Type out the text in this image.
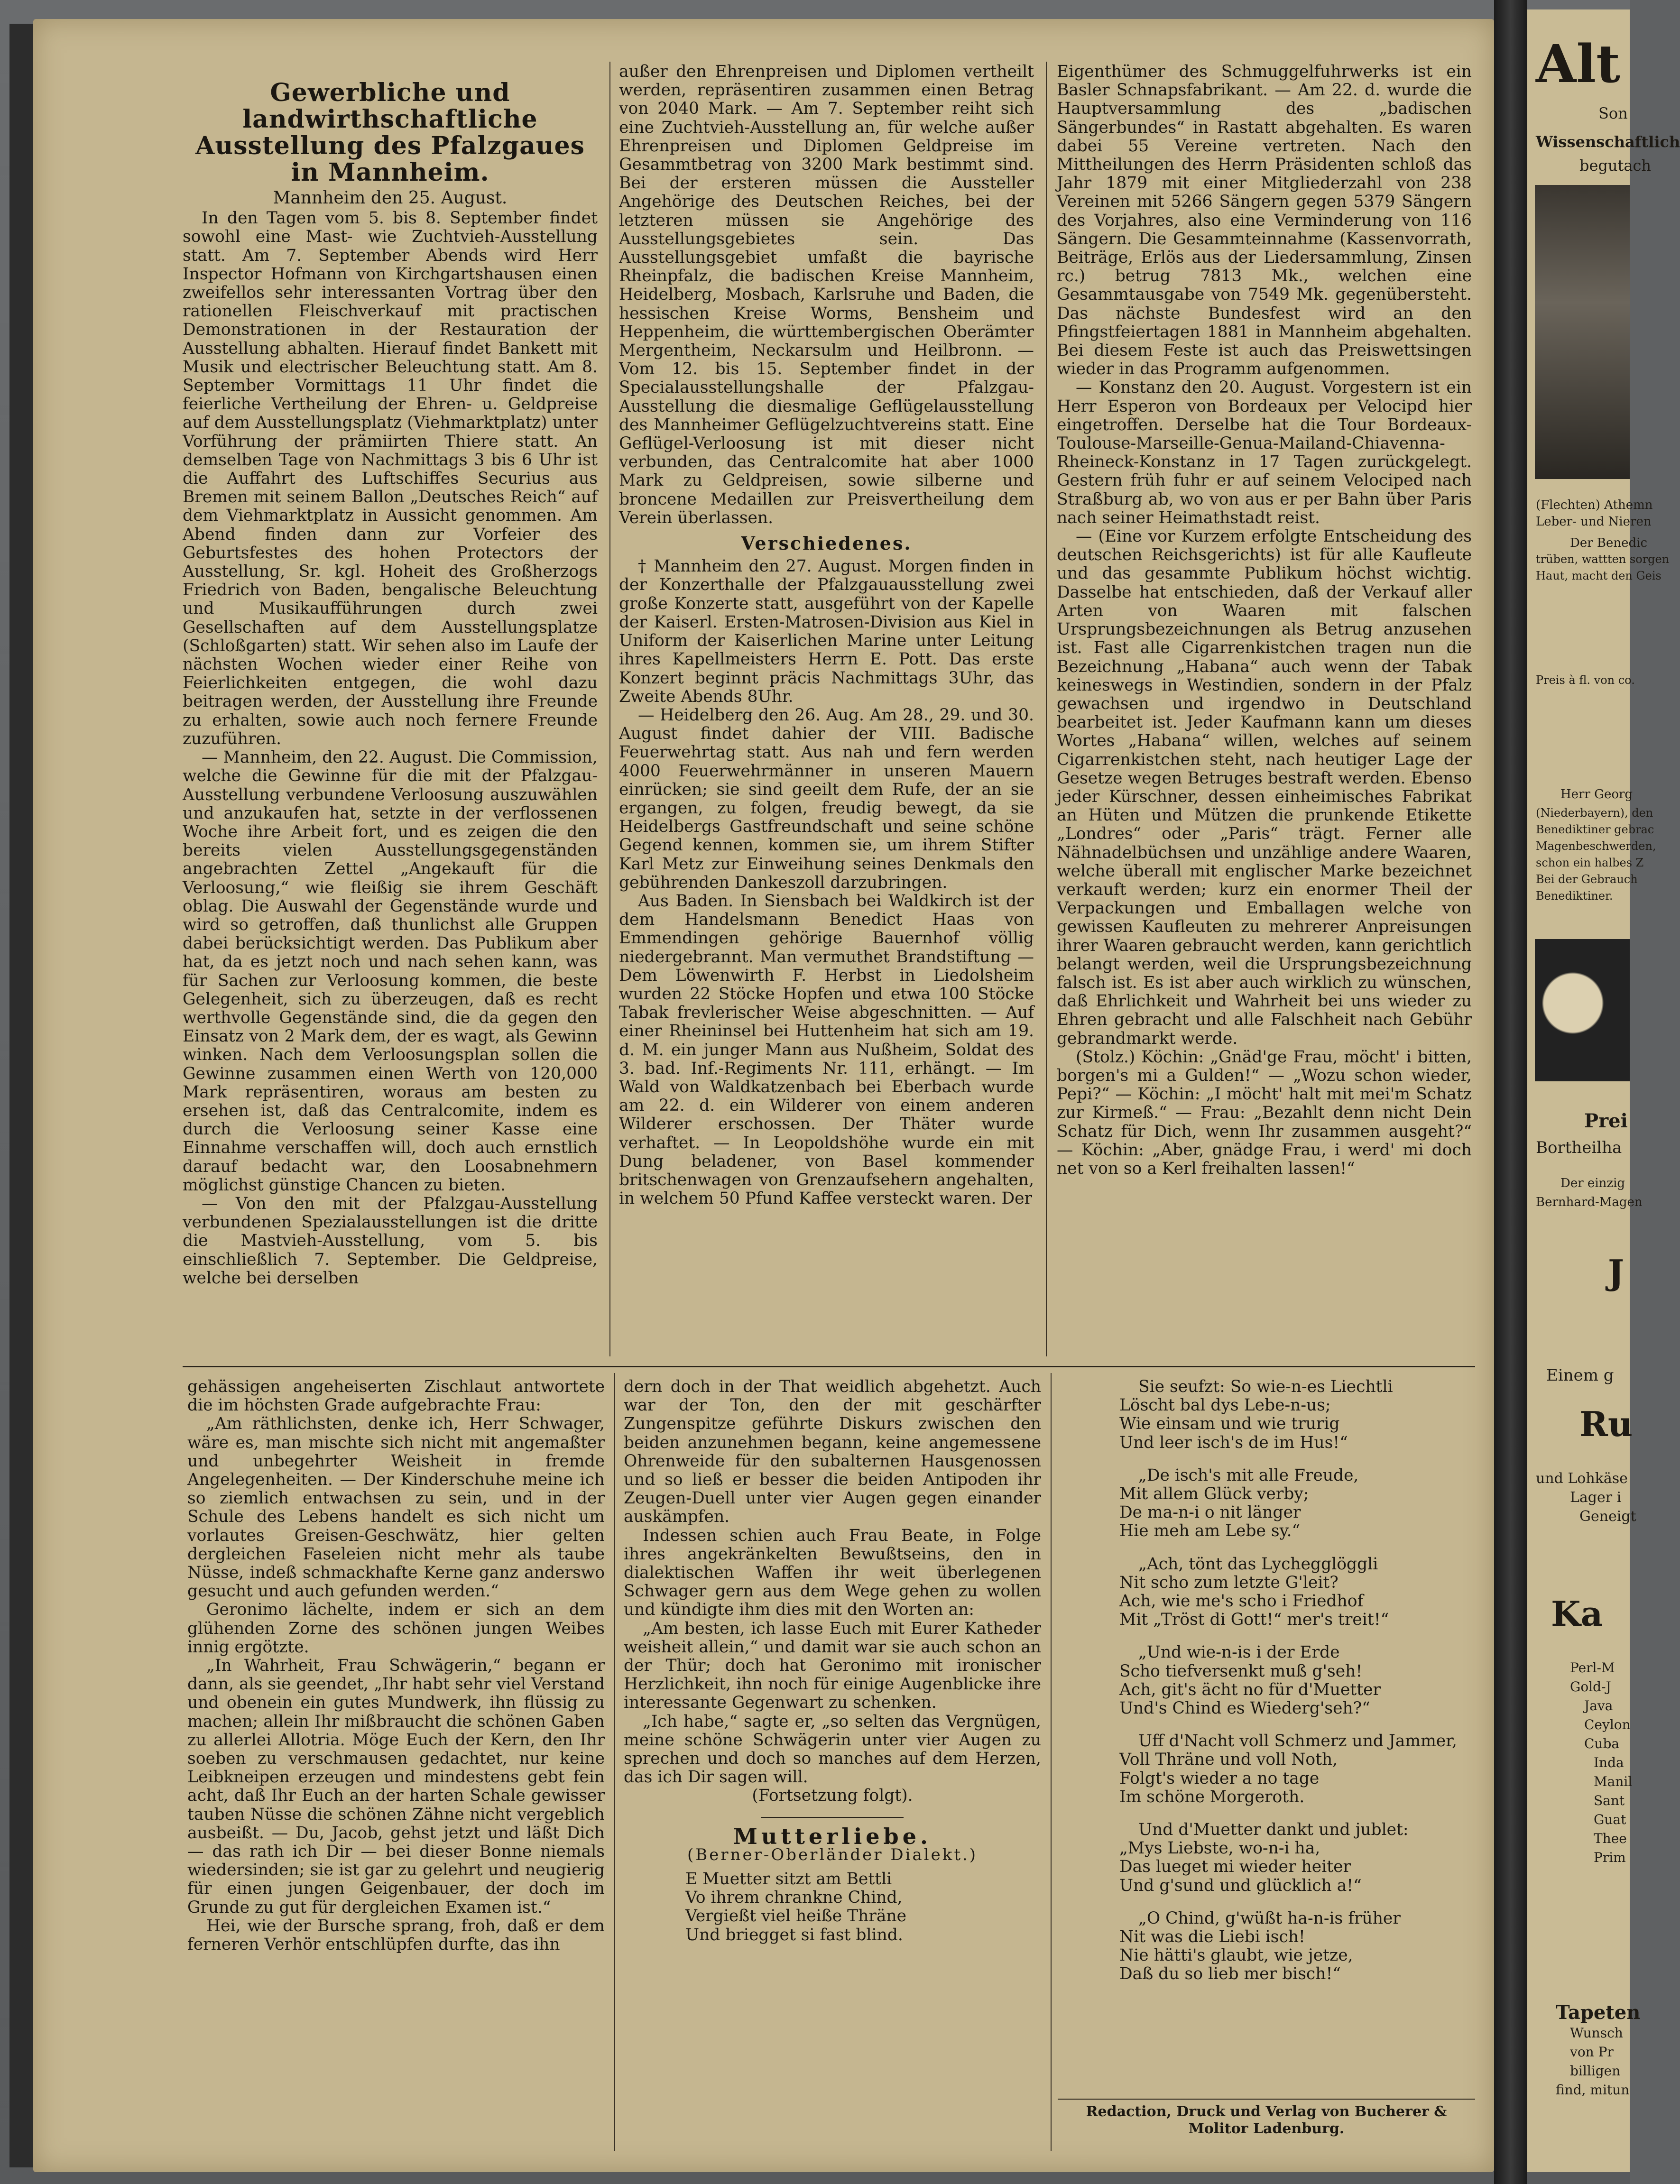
Gewerbliche und landwirthschaftliche Ausstellung des Pfalzgaues in Mannheim.
Mannheim den 25. August.

In den Tagen vom 5. bis 8. September findet sowohl eine Mast- wie Zuchtvieh-Ausstellung statt. Am 7. September Abends wird Herr Inspector Hofmann von Kirchgartshausen einen zweifellos sehr interessanten Vortrag über den rationellen Fleischverkauf mit practischen Demonstrationen in der Restauration der Ausstellung abhalten. Hierauf findet Bankett mit Musik und electrischer Beleuchtung statt. Am 8. September Vormittags 11 Uhr findet die feierliche Vertheilung der Ehren- u. Geldpreise auf dem Ausstellungsplatz (Viehmarktplatz) unter Vorführung der prämiirten Thiere statt. An demselben Tage von Nachmittags 3 bis 6 Uhr ist die Auffahrt des Luftschiffes Securius aus Bremen mit seinem Ballon „Deutsches Reich“ auf dem Viehmarktplatz in Aussicht genommen. Am Abend finden dann zur Vorfeier des Geburtsfestes des hohen Protectors der Ausstellung, Sr. kgl. Hoheit des Großherzogs Friedrich von Baden, bengalische Beleuchtung und Musikaufführungen durch zwei Gesellschaften auf dem Ausstellungsplatze (Schloßgarten) statt. Wir sehen also im Laufe der nächsten Wochen wieder einer Reihe von Feierlichkeiten entgegen, die wohl dazu beitragen werden, der Ausstellung ihre Freunde zu erhalten, sowie auch noch fernere Freunde zuzuführen.

— Mannheim, den 22. August. Die Commission, welche die Gewinne für die mit der Pfalzgau-Ausstellung verbundene Verloosung auszuwählen und anzukaufen hat, setzte in der verflossenen Woche ihre Arbeit fort, und es zeigen die den bereits vielen Ausstellungsgegenständen angebrachten Zettel „Angekauft für die Verloosung,“ wie fleißig sie ihrem Geschäft oblag. Die Auswahl der Gegenstände wurde und wird so getroffen, daß thunlichst alle Gruppen dabei berücksichtigt werden. Das Publikum aber hat, da es jetzt noch und nach sehen kann, was für Sachen zur Verloosung kommen, die beste Gelegenheit, sich zu überzeugen, daß es recht werthvolle Gegenstände sind, die da gegen den Einsatz von 2 Mark dem, der es wagt, als Gewinn winken. Nach dem Verloosungsplan sollen die Gewinne zusammen einen Werth von 120,000 Mark repräsentiren, woraus am besten zu ersehen ist, daß das Centralcomite, indem es durch die Verloosung seiner Kasse eine Einnahme verschaffen will, doch auch ernstlich darauf bedacht war, den Loosabnehmern möglichst günstige Chancen zu bieten.

— Von den mit der Pfalzgau-Ausstellung verbundenen Spezialausstellungen ist die dritte die Mastvieh-Ausstellung, vom 5. bis einschließlich 7. September. Die Geldpreise, welche bei derselben

außer den Ehrenpreisen und Diplomen vertheilt werden, repräsentiren zusammen einen Betrag von 2040 Mark. — Am 7. September reiht sich eine Zuchtvieh-Ausstellung an, für welche außer Ehrenpreisen und Diplomen Geldpreise im Gesammtbetrag von 3200 Mark bestimmt sind. Bei der ersteren müssen die Aussteller Angehörige des Deutschen Reiches, bei der letzteren müssen sie Angehörige des Ausstellungsgebietes sein. Das Ausstellungsgebiet umfaßt die bayrische Rheinpfalz, die badischen Kreise Mannheim, Heidelberg, Mosbach, Karlsruhe und Baden, die hessischen Kreise Worms, Bensheim und Heppenheim, die württembergischen Oberämter Mergentheim, Neckarsulm und Heilbronn. — Vom 12. bis 15. September findet in der Specialausstellungshalle der Pfalzgau-Ausstellung die diesmalige Geflügelausstellung des Mannheimer Geflügelzuchtvereins statt. Eine Geflügel-Verloosung ist mit dieser nicht verbunden, das Centralcomite hat aber 1000 Mark zu Geldpreisen, sowie silberne und broncene Medaillen zur Preisvertheilung dem Verein überlassen.

Verschiedenes.

† Mannheim den 27. August. Morgen finden in der Konzerthalle der Pfalzgauausstellung zwei große Konzerte statt, ausgeführt von der Kapelle der Kaiserl. Ersten-Matrosen-Division aus Kiel in Uniform der Kaiserlichen Marine unter Leitung ihres Kapellmeisters Herrn E. Pott. Das erste Konzert beginnt präcis Nachmittags 3Uhr, das Zweite Abends 8Uhr.

— Heidelberg den 26. Aug. Am 28., 29. und 30. August findet dahier der VIII. Badische Feuerwehrtag statt. Aus nah und fern werden 4000 Feuerwehrmänner in unseren Mauern einrücken; sie sind geeilt dem Rufe, der an sie ergangen, zu folgen, freudig bewegt, da sie Heidelbergs Gastfreundschaft und seine schöne Gegend kennen, kommen sie, um ihrem Stifter Karl Metz zur Einweihung seines Denkmals den gebührenden Dankeszoll darzubringen.

Aus Baden. In Siensbach bei Waldkirch ist der dem Handelsmann Benedict Haas von Emmendingen gehörige Bauernhof völlig niedergebrannt. Man vermuthet Brandstiftung — Dem Löwenwirth F. Herbst in Liedolsheim wurden 22 Stöcke Hopfen und etwa 100 Stöcke Tabak frevlerischer Weise abgeschnitten. — Auf einer Rheininsel bei Huttenheim hat sich am 19. d. M. ein junger Mann aus Nußheim, Soldat des 3. bad. Inf.-Regiments Nr. 111, erhängt. — Im Wald von Waldkatzenbach bei Eberbach wurde am 22. d. ein Wilderer von einem anderen Wilderer erschossen. Der Thäter wurde verhaftet. — In Leopoldshöhe wurde ein mit Dung beladener, von Basel kommender britschenwagen von Grenzaufsehern angehalten, in welchem 50 Pfund Kaffee versteckt waren. Der

Eigenthümer des Schmuggelfuhrwerks ist ein Basler Schnapsfabrikant. — Am 22. d. wurde die Hauptversammlung des „badischen Sängerbundes“ in Rastatt abgehalten. Es waren dabei 55 Vereine vertreten. Nach den Mittheilungen des Herrn Präsidenten schloß das Jahr 1879 mit einer Mitgliederzahl von 238 Vereinen mit 5266 Sängern gegen 5379 Sängern des Vorjahres, also eine Verminderung von 116 Sängern. Die Gesammteinnahme (Kassenvorrath, Beiträge, Erlös aus der Liedersammlung, Zinsen rc.) betrug 7813 Mk., welchen eine Gesammtausgabe von 7549 Mk. gegenübersteht. Das nächste Bundesfest wird an den Pfingstfeiertagen 1881 in Mannheim abgehalten. Bei diesem Feste ist auch das Preiswettsingen wieder in das Programm aufgenommen.

— Konstanz den 20. August. Vorgestern ist ein Herr Esperon von Bordeaux per Velocipd hier eingetroffen. Derselbe hat die Tour Bordeaux-Toulouse-Marseille-Genua-Mailand-Chiavenna-Rheineck-Konstanz in 17 Tagen zurückgelegt. Gestern früh fuhr er auf seinem Velociped nach Straßburg ab, wo von aus er per Bahn über Paris nach seiner Heimathstadt reist.

— (Eine vor Kurzem erfolgte Entscheidung des deutschen Reichsgerichts) ist für alle Kaufleute und das gesammte Publikum höchst wichtig. Dasselbe hat entschieden, daß der Verkauf aller Arten von Waaren mit falschen Ursprungsbezeichnungen als Betrug anzusehen ist. Fast alle Cigarrenkistchen tragen nun die Bezeichnung „Habana“ auch wenn der Tabak keineswegs in Westindien, sondern in der Pfalz gewachsen und irgendwo in Deutschland bearbeitet ist. Jeder Kaufmann kann um dieses Wortes „Habana“ willen, welches auf seinem Cigarrenkistchen steht, nach heutiger Lage der Gesetze wegen Betruges bestraft werden. Ebenso jeder Kürschner, dessen einheimisches Fabrikat an Hüten und Mützen die prunkende Etikette „Londres“ oder „Paris“ trägt. Ferner alle Nähnadelbüchsen und unzählige andere Waaren, welche überall mit englischer Marke bezeichnet verkauft werden; kurz ein enormer Theil der Verpackungen und Emballagen welche von gewissen Kaufleuten zu mehrerer Anpreisungen ihrer Waaren gebraucht werden, kann gerichtlich belangt werden, weil die Ursprungsbezeichnung falsch ist. Es ist aber auch wirklich zu wünschen, daß Ehrlichkeit und Wahrheit bei uns wieder zu Ehren gebracht und alle Falschheit nach Gebühr gebrandmarkt werde.

(Stolz.) Köchin: „Gnäd'ge Frau, möcht' i bitten, borgen's mi a Gulden!“ — „Wozu schon wieder, Pepi?“ — Köchin: „I möcht' halt mit mei'm Schatz zur Kirmeß.“ — Frau: „Bezahlt denn nicht Dein Schatz für Dich, wenn Ihr zusammen ausgeht?“ — Köchin: „Aber, gnädge Frau, i werd' mi doch net von so a Kerl freihalten lassen!“

gehässigen angeheiserten Zischlaut antwortete die im höchsten Grade aufgebrachte Frau:

„Am räthlichsten, denke ich, Herr Schwager, wäre es, man mischte sich nicht mit angemaßter und unbegehrter Weisheit in fremde Angelegenheiten. — Der Kinderschuhe meine ich so ziemlich entwachsen zu sein, und in der Schule des Lebens handelt es sich nicht um vorlautes Greisen-Geschwätz, hier gelten dergleichen Faseleien nicht mehr als taube Nüsse, indeß schmackhafte Kerne ganz anderswo gesucht und auch gefunden werden.“

Geronimo lächelte, indem er sich an dem glühenden Zorne des schönen jungen Weibes innig ergötzte.

„In Wahrheit, Frau Schwägerin,“ begann er dann, als sie geendet, „Ihr habt sehr viel Verstand und obenein ein gutes Mundwerk, ihn flüssig zu machen; allein Ihr mißbraucht die schönen Gaben zu allerlei Allotria. Möge Euch der Kern, den Ihr soeben zu verschmausen gedachtet, nur keine Leibkneipen erzeugen und mindestens gebt fein acht, daß Ihr Euch an der harten Schale gewisser tauben Nüsse die schönen Zähne nicht vergeblich ausbeißt. — Du, Jacob, gehst jetzt und läßt Dich — das rath ich Dir — bei dieser Bonne niemals wiedersinden; sie ist gar zu gelehrt und neugierig für einen jungen Geigenbauer, der doch im Grunde zu gut für dergleichen Examen ist.“

Hei, wie der Bursche sprang, froh, daß er dem ferneren Verhör entschlüpfen durfte, das ihn

dern doch in der That weidlich abgehetzt. Auch war der Ton, den der mit geschärfter Zungenspitze geführte Diskurs zwischen den beiden anzunehmen begann, keine angemessene Ohrenweide für den subalternen Hausgenossen und so ließ er besser die beiden Antipoden ihr Zeugen-Duell unter vier Augen gegen einander auskämpfen.

Indessen schien auch Frau Beate, in Folge ihres angekränkelten Bewußtseins, den in dialektischen Waffen ihr weit überlegenen Schwager gern aus dem Wege gehen zu wollen und kündigte ihm dies mit den Worten an:

„Am besten, ich lasse Euch mit Eurer Katheder weisheit allein,“ und damit war sie auch schon an der Thür; doch hat Geronimo mit ironischer Herzlichkeit, ihn noch für einige Augenblicke ihre interessante Gegenwart zu schenken.

„Ich habe,“ sagte er, „so selten das Vergnügen, meine schöne Schwägerin unter vier Augen zu sprechen und doch so manches auf dem Herzen, das ich Dir sagen will.

(Fortsetzung folgt).
Mutterliebe.
(Berner-Oberländer Dialekt.)
E Muetter sitzt am Bettli
Vo ihrem chrankne Chind,
Vergießt viel heiße Thräne
Und briegget si fast blind.
Sie seufzt: So wie-n-es Liechtli
Löscht bal dys Lebe-n-us;
Wie einsam und wie trurig
Und leer isch's de im Hus!“
„De isch's mit alle Freude,
Mit allem Glück verby;
De ma-n-i o nit länger
Hie meh am Lebe sy.“
„Ach, tönt das Lychegglöggli
Nit scho zum letzte G'leit?
Ach, wie me's scho i Friedhof
Mit „Tröst di Gott!“ mer's treit!“
„Und wie-n-is i der Erde
Scho tiefversenkt muß g'seh!
Ach, git's ächt no für d'Muetter
Und's Chind es Wiederg'seh?“
Uff d'Nacht voll Schmerz und Jammer,
Voll Thräne und voll Noth,
Folgt's wieder a no tage
Im schöne Morgeroth.
Und d'Muetter dankt und jublet:
„Mys Liebste, wo-n-i ha,
Das lueget mi wieder heiter
Und g'sund und glücklich a!“
„O Chind, g'wüßt ha-n-is früher
Nit was die Liebi isch!
Nie hätti's glaubt, wie jetze,
Daß du so lieb mer bisch!“
Redaction, Druck und Verlag von Bucherer & Molitor Ladenburg.
Alt
Son
Wissenschaftlich
begutach
(Flechten) Athemn
Leber- und Nieren
Der Benedic
trüben, wattten sorgen
Haut, macht den Geis
Preis à fl. von co.
Herr Georg
(Niederbayern), den
Benediktiner gebrac
Magenbeschwerden,
schon ein halbes Z
Bei der Gebrauch
Benediktiner.
Prei
Bortheilha
Der einzig
Bernhard-Magen
J
Einem g
Ru
und Lohkäse
Lager i
Geneigt
Ka
Perl-M
Gold-J
Java
Ceylon
Cuba
Inda
Manil
Sant
Guat
Thee
Prim
Tapeten
Wunsch
von Pr
billigen
find, mitun
